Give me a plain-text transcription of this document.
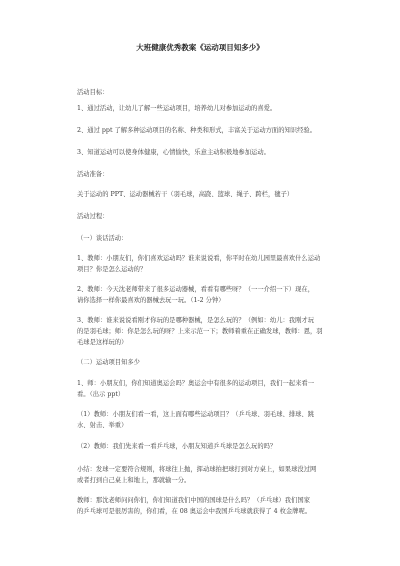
大班健康优秀教案《运动项目知多少》
活动目标：
1、通过活动，让幼儿了解一些运动项目，培养幼儿对参加运动的喜爱。
2、通过 ppt 了解多种运动项目的名称、种类和形式，丰富关于运动方面的知识经验。
3、知道运动可以使身体健康，心情愉快，乐意主动积极地参加运动。
活动准备：
关于运动的 PPT、运动器械若干（羽毛球，高跷、篮球、绳子、跨栏，毽子）
活动过程：
（一）谈话活动：
1、教师：小朋友们，你们喜欢运动吗？谁来说说看，你平时在幼儿园里最喜欢什么运动
项目？你是怎么运动的？
2、教师：今天沈老师带来了很多运动器械，看看有哪些呀？（一一介绍一下）现在，
请你选择一样你最喜欢的器械去玩一玩。（1-2 分钟）
3、教师：谁来说说看刚才你玩的是哪种器械，是怎么玩的？（例如：幼儿：我刚才玩
的是羽毛球；师：你是怎么玩的呀？上来示范一下；教师着重在正确发球，教师：恩，羽
毛球是这样玩的）
（二）运动项目知多少
1、师：小朋友们，你们知道奥运会吗？奥运会中有很多的运动项目，我们一起来看一
看。（出示 ppt）
（1）教师：小朋友们看一看，这上面有哪些运动项目？（乒乓球、羽毛球、排球、跳
水、射击、举重）
（2）教师：我们先来看一看乒乓球，小朋友知道乒乓球是怎么玩的吗？
小结：发球一定要符合规则，将球往上抛，挥动球拍把球打到对方桌上，如果球没过网
或者打到自己桌上和地上，那就输一分。
教师：那沈老师问问你们，你们知道我们中国的国球是什么吗？（乒乓球）我们国家
的乒乓球可是很厉害的，你们看，在 08 奥运会中我国乒乓球就获得了 4 枚金牌呢。
